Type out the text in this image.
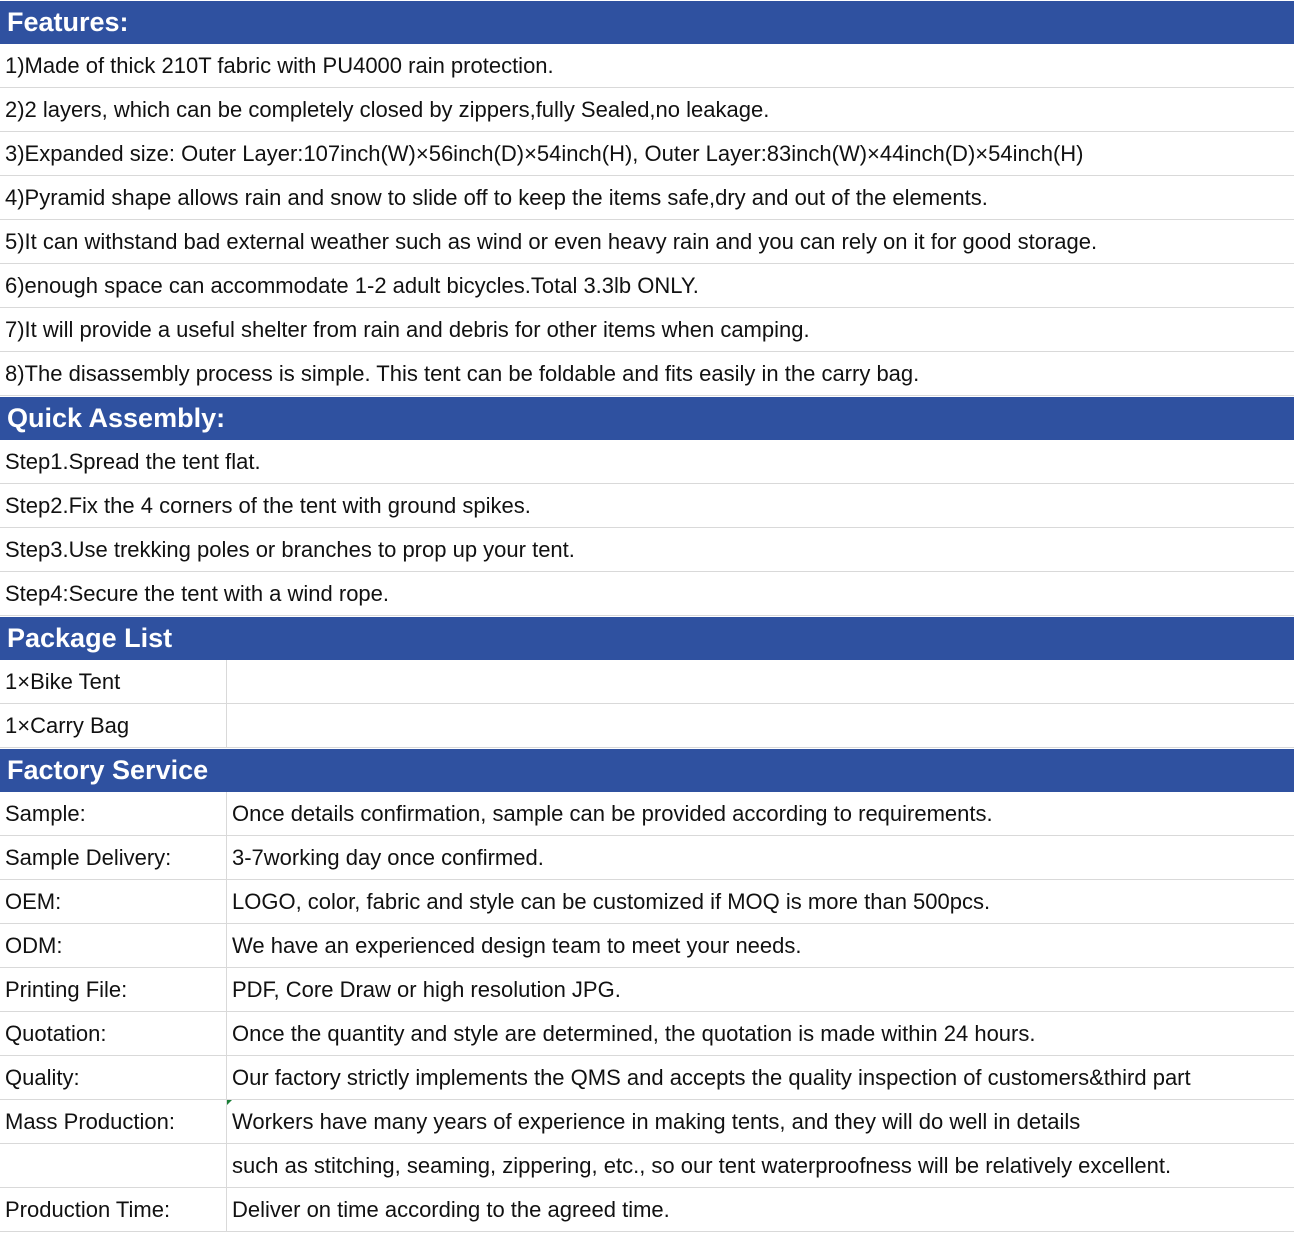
Features:
1)Made of thick 210T fabric with PU4000 rain protection.
2)2 layers, which can be completely closed by zippers,fully Sealed,no leakage.
3)Expanded size: Outer Layer:107inch(W)×56inch(D)×54inch(H), Outer Layer:83inch(W)×44inch(D)×54inch(H)
4)Pyramid shape allows rain and snow to slide off to keep the items safe,dry and out of the elements.
5)It can withstand bad external weather such as wind or even heavy rain and you can rely on it for good storage.
6)enough space can accommodate 1-2 adult bicycles.Total 3.3lb ONLY.
7)It will provide a useful shelter from rain and debris for other items when camping.
8)The disassembly process is simple. This tent can be foldable and fits easily in the carry bag.
Quick Assembly:
Step1.Spread the tent flat.
Step2.Fix the 4 corners of the tent with ground spikes.
Step3.Use trekking poles or branches to prop up your tent.
Step4:Secure the tent with a wind rope.
Package List
1×Bike Tent
1×Carry Bag
Factory Service
Sample:	Once details confirmation, sample can be provided according to requirements.
Sample Delivery:	3-7working day once confirmed.
OEM:	LOGO, color, fabric and style can be customized if MOQ is more than 500pcs.
ODM:	We have an experienced design team to meet your needs.
Printing File:	PDF, Core Draw or high resolution JPG.
Quotation:	Once the quantity and style are determined, the quotation is made within 24 hours.
Quality:	Our factory strictly implements the QMS and accepts the quality inspection of customers&third part
Mass Production:	Workers have many years of experience in making tents, and they will do well in details
such as stitching, seaming, zippering, etc., so our tent waterproofness will be relatively excellent.
Production Time:	Deliver on time according to the agreed time.
